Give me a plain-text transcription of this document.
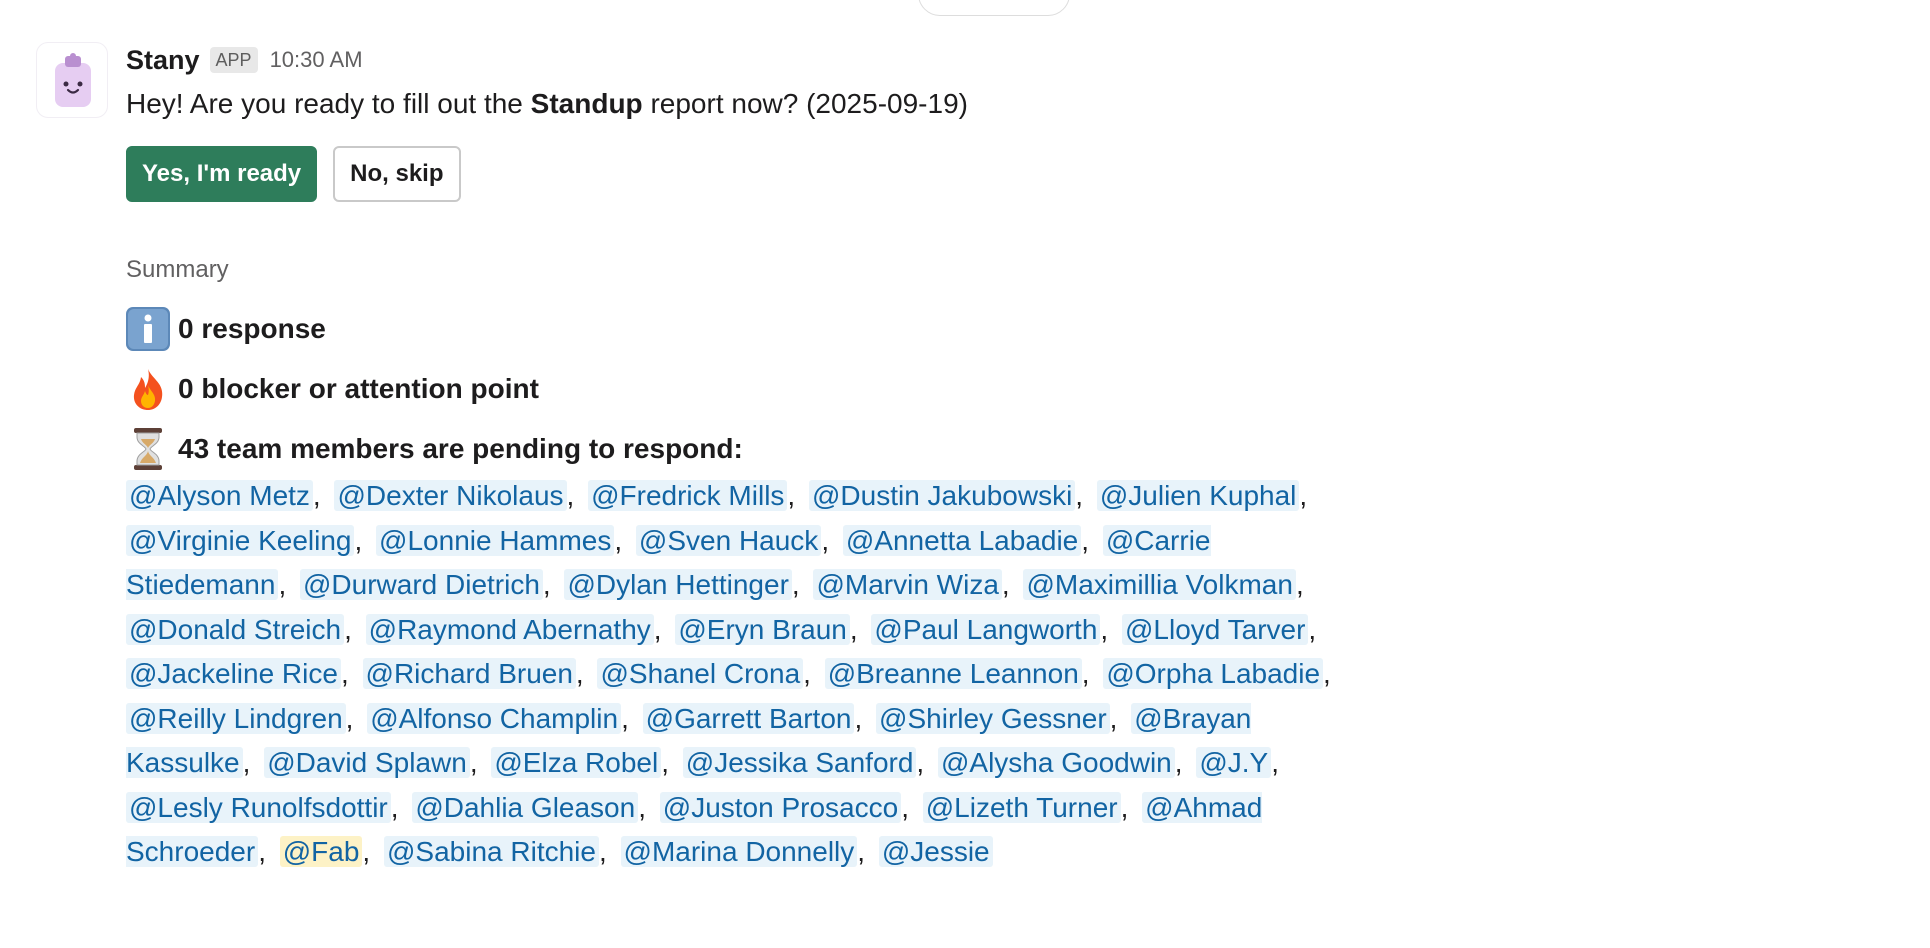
Stany APP 10:30 AM
Hey! Are you ready to fill out the Standup report now? (2025-09-19)
Yes, I'm ready	No, skip
Summary
0 response
0 blocker or attention point
43 team members are pending to respond:
@Alyson Metz , @Dexter Nikolaus , @Fredrick Mills , @Dustin Jakubowski , @Julien Kuphal , @Virginie Keeling , @Lonnie Hammes , @Sven Hauck , @Annetta Labadie , @Carrie Stiedemann , @Durward Dietrich , @Dylan Hettinger , @Marvin Wiza , @Maximillia Volkman , @Donald Streich , @Raymond Abernathy , @Eryn Braun , @Paul Langworth , @Lloyd Tarver , @Jackeline Rice , @Richard Bruen , @Shanel Crona , @Breanne Leannon , @Orpha Labadie , @Reilly Lindgren , @Alfonso Champlin , @Garrett Barton , @Shirley Gessner , @Brayan Kassulke , @David Splawn , @Elza Robel , @Jessika Sanford , @Alysha Goodwin , @J.Y , @Lesly Runolfsdottir , @Dahlia Gleason , @Juston Prosacco , @Lizeth Turner , @Ahmad Schroeder , @Fab , @Sabina Ritchie , @Marina Donnelly , @Jessie
